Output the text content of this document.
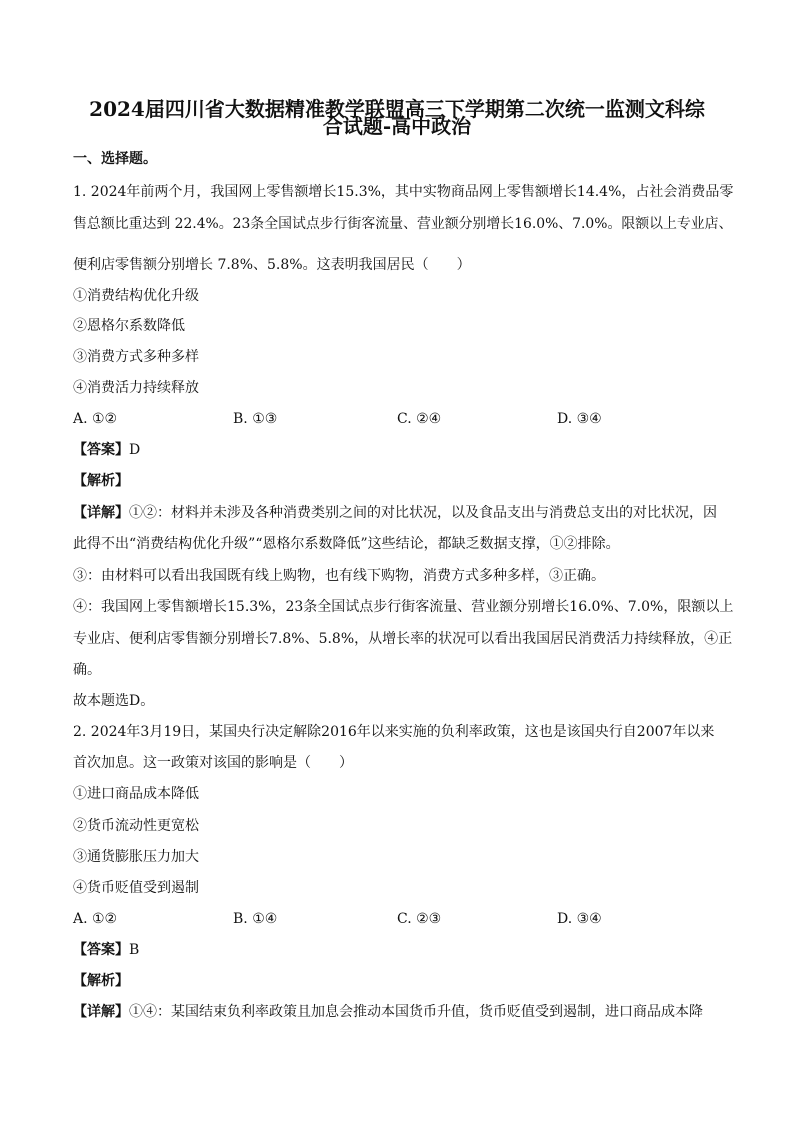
2024届四川省大数据精准教学联盟高三下学期第二次统一监测文科综
合试题-高中政治
一、选择题。
1. 2024年前两个月，我国网上零售额增长15.3%，其中实物商品网上零售额增长14.4%，占社会消费品零
售总额比重达到 22.4%。23条全国试点步行街客流量、营业额分别增长16.0%、7.0%。限额以上专业店、
便利店零售额分别增长 7.8%、5.8%。这表明我国居民（　　）
①消费结构优化升级
②恩格尔系数降低
③消费方式多种多样
④消费活力持续释放
A. ①②	B. ①③	C. ②④	D. ③④
【答案】D
【解析】
【详解】①②：材料并未涉及各种消费类别之间的对比状况，以及食品支出与消费总支出的对比状况，因
此得不出“消费结构优化升级”“恩格尔系数降低”这些结论，都缺乏数据支撑，①②排除。
③：由材料可以看出我国既有线上购物，也有线下购物，消费方式多种多样，③正确。
④：我国网上零售额增长15.3%，23条全国试点步行街客流量、营业额分别增长16.0%、7.0%，限额以上
专业店、便利店零售额分别增长7.8%、5.8%，从增长率的状况可以看出我国居民消费活力持续释放，④正
确。
故本题选D。
2. 2024年3月19日，某国央行决定解除2016年以来实施的负利率政策，这也是该国央行自2007年以来
首次加息。这一政策对该国的影响是（　　）
①进口商品成本降低
②货币流动性更宽松
③通货膨胀压力加大
④货币贬值受到遏制
A. ①②	B. ①④	C. ②③	D. ③④
【答案】B
【解析】
【详解】①④：某国结束负利率政策且加息会推动本国货币升值，货币贬值受到遏制，进口商品成本降
